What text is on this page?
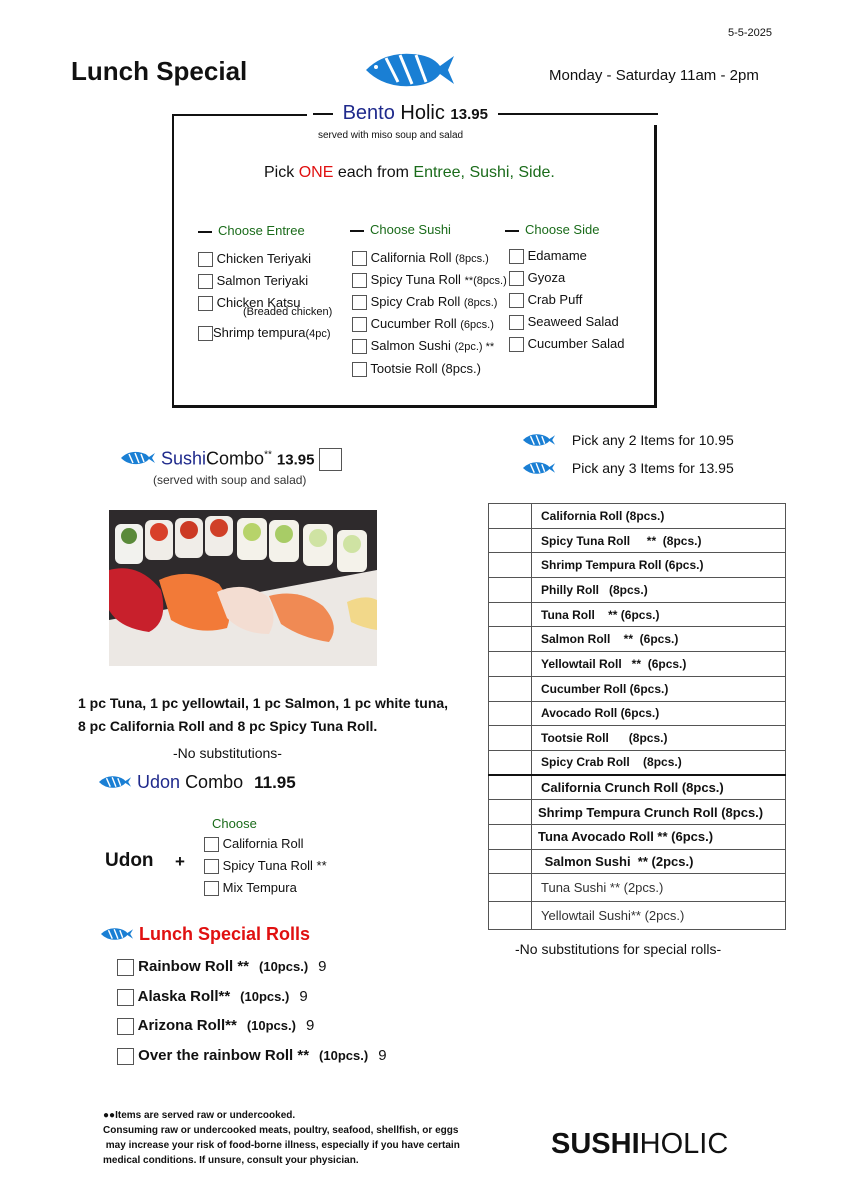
5-5-2025
Lunch Special	Monday - Saturday 11am - 2pm
Bento Holic 13.95
served with miso soup and salad
Pick ONE each from Entree, Sushi, Side.
Choose Entree	Choose Sushi	Choose Side
Chicken Teriyaki
Salmon Teriyaki
Chicken Katsu
(Breaded chicken)
Shrimp tempura(4pc)
California Roll (8pcs.)
Spicy Tuna Roll **(8pcs.)
Spicy Crab Roll (8pcs.)
Cucumber Roll (6pcs.)
Salmon Sushi (2pc.) **
Tootsie Roll (8pcs.)
Edamame
Gyoza
Crab Puff
Seaweed Salad
Cucumber Salad
SushiCombo** 13.95
(served with soup and salad)
1 pc Tuna, 1 pc yellowtail, 1 pc Salmon, 1 pc white tuna,
8 pc California Roll and 8 pc Spicy Tuna Roll.
-No substitutions-
Udon Combo 11.95
Choose
Udon +
California Roll
Spicy Tuna Roll **
Mix Tempura
Lunch Special Rolls
Rainbow Roll ** (10pcs.) 9
Alaska Roll** (10pcs.) 9
Arizona Roll** (10pcs.) 9
Over the rainbow Roll ** (10pcs.) 9
Pick any 2 Items for 10.95
Pick any 3 Items for 13.95
	California Roll (8pcs.)
	Spicy Tuna Roll     **  (8pcs.)
	Shrimp Tempura Roll (6pcs.)
	Philly Roll   (8pcs.)
	Tuna Roll    ** (6pcs.)
	Salmon Roll    **  (6pcs.)
	Yellowtail Roll   **  (6pcs.)
	Cucumber Roll (6pcs.)
	Avocado Roll (6pcs.)
	Tootsie Roll      (8pcs.)
	Spicy Crab Roll    (8pcs.)
	California Crunch Roll (8pcs.)
	Shrimp Tempura Crunch Roll (8pcs.)
	Tuna Avocado Roll ** (6pcs.)
	Salmon Sushi  ** (2pcs.)
	Tuna Sushi ** (2pcs.)
	Yellowtail Sushi** (2pcs.)
-No substitutions for special rolls-
●●Items are served raw or undercooked.
Consuming raw or undercooked meats, poultry, seafood, shellfish, or eggs
may increase your risk of food-borne illness, especially if you have certain
medical conditions. If unsure, consult your physician.
SUSHIHOLIC
